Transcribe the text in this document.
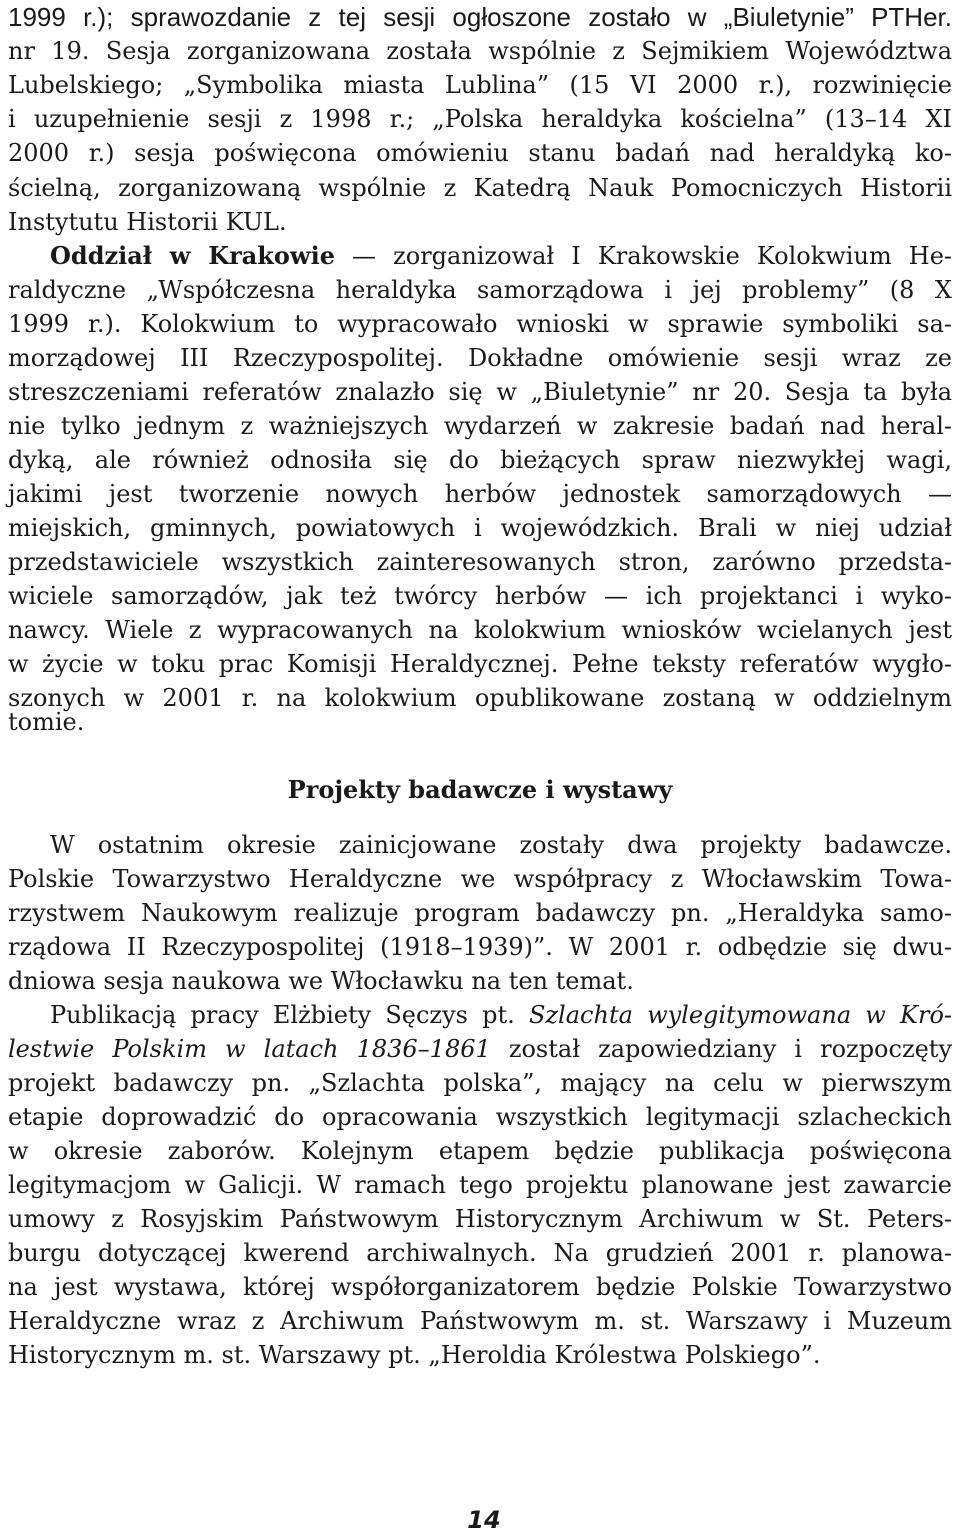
1999 r.); sprawozdanie z tej sesji ogłoszone zostało w „Biuletynie” PTHer.
nr 19. Sesja zorganizowana została wspólnie z Sejmikiem Województwa
Lubelskiego; „Symbolika miasta Lublina” (15 VI 2000 r.), rozwinięcie
i uzupełnienie sesji z 1998 r.; „Polska heraldyka kościelna” (13–14 XI
2000 r.) sesja poświęcona omówieniu stanu badań nad heraldyką ko-
ścielną, zorganizowaną wspólnie z Katedrą Nauk Pomocniczych Historii
Instytutu Historii KUL.
Oddział w Krakowie — zorganizował I Krakowskie Kolokwium He-
raldyczne „Współczesna heraldyka samorządowa i jej problemy” (8 X
1999 r.). Kolokwium to wypracowało wnioski w sprawie symboliki sa-
morządowej III Rzeczypospolitej. Dokładne omówienie sesji wraz ze
streszczeniami referatów znalazło się w „Biuletynie” nr 20. Sesja ta była
nie tylko jednym z ważniejszych wydarzeń w zakresie badań nad heral-
dyką, ale również odnosiła się do bieżących spraw niezwykłej wagi,
jakimi jest tworzenie nowych herbów jednostek samorządowych —
miejskich, gminnych, powiatowych i wojewódzkich. Brali w niej udział
przedstawiciele wszystkich zainteresowanych stron, zarówno przedsta-
wiciele samorządów, jak też twórcy herbów — ich projektanci i wyko-
nawcy. Wiele z wypracowanych na kolokwium wniosków wcielanych jest
w życie w toku prac Komisji Heraldycznej. Pełne teksty referatów wygło-
szonych w 2001 r. na kolokwium opublikowane zostaną w oddzielnym
tomie.
Projekty badawcze i wystawy
W ostatnim okresie zainicjowane zostały dwa projekty badawcze.
Polskie Towarzystwo Heraldyczne we współpracy z Włocławskim Towa-
rzystwem Naukowym realizuje program badawczy pn. „Heraldyka samo-
rządowa II Rzeczypospolitej (1918–1939)”. W 2001 r. odbędzie się dwu-
dniowa sesja naukowa we Włocławku na ten temat.
Publikacją pracy Elżbiety Sęczys pt. Szlachta wylegitymowana w Kró-
lestwie Polskim w latach 1836–1861 został zapowiedziany i rozpoczęty
projekt badawczy pn. „Szlachta polska”, mający na celu w pierwszym
etapie doprowadzić do opracowania wszystkich legitymacji szlacheckich
w okresie zaborów. Kolejnym etapem będzie publikacja poświęcona
legitymacjom w Galicji. W ramach tego projektu planowane jest zawarcie
umowy z Rosyjskim Państwowym Historycznym Archiwum w St. Peters-
burgu dotyczącej kwerend archiwalnych. Na grudzień 2001 r. planowa-
na jest wystawa, której współorganizatorem będzie Polskie Towarzystwo
Heraldyczne wraz z Archiwum Państwowym m. st. Warszawy i Muzeum
Historycznym m. st. Warszawy pt. „Heroldia Królestwa Polskiego”.
14
